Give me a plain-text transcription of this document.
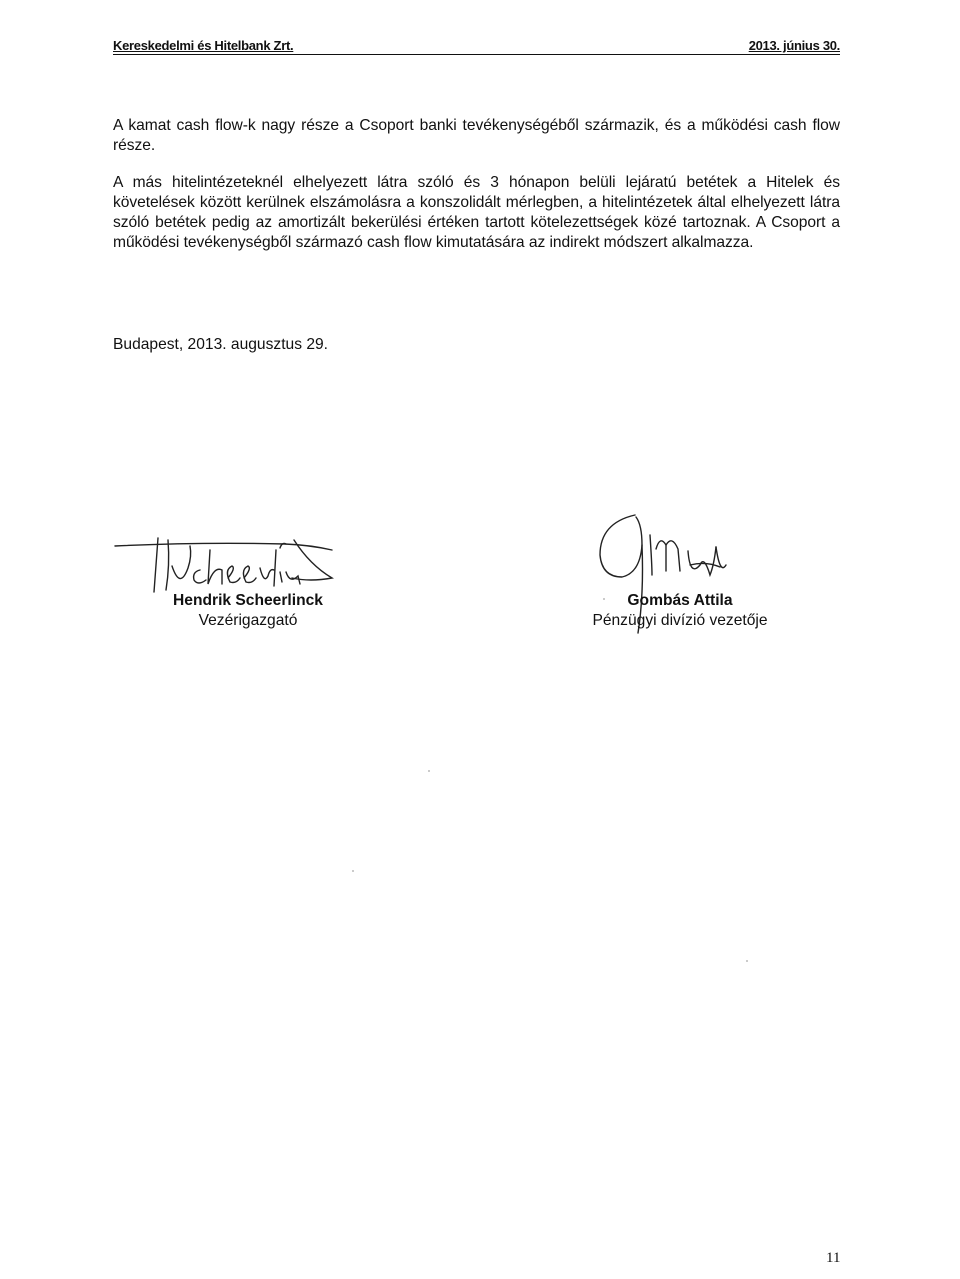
Kereskedelmi és Hitelbank Zrt.	2013. június 30.

A kamat cash flow-k nagy része a Csoport banki tevékenységéből származik, és a működési cash flow része.

A más hitelintézeteknél elhelyezett látra szóló és 3 hónapon belüli lejáratú betétek a Hitelek és követelések között kerülnek elszámolásra a konszolidált mérlegben, a hitelintézetek által elhelyezett látra szóló betétek pedig az amortizált bekerülési értéken tartott kötelezettségek közé tartoznak. A Csoport a működési tevékenységből származó cash flow kimutatására az indirekt módszert alkalmazza.

Budapest, 2013. augusztus 29.
Hendrik Scheerlinck
Vezérigazgató
Gombás Attila
Pénzügyi divízió vezetője
11
